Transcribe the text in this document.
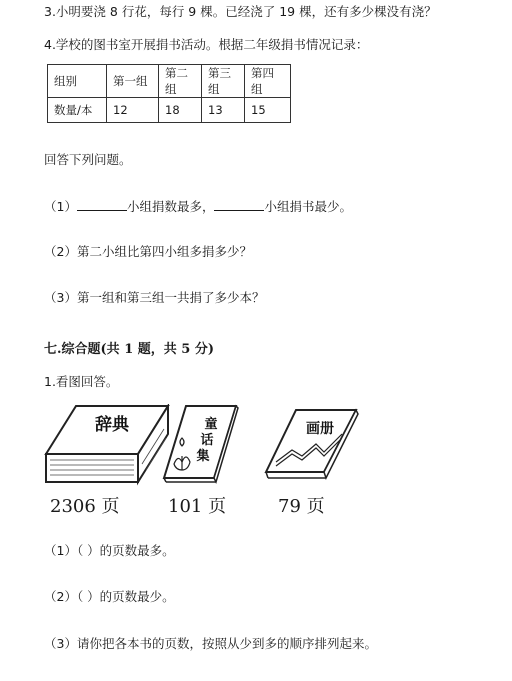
3.小明要浇 8 行花，每行 9 棵。已经浇了 19 棵，还有多少棵没有浇？
4.学校的图书室开展捐书活动。根据二年级捐书情况记录：
组别	第一组	第二组	第三组	第四组
数量/本	12	18	13	15
回答下列问题。
（1）	小组捐数最多，	小组捐书最少。
（2）第二小组比第四小组多捐多少？
（3）第一组和第三组一共捐了多少本？
七.综合题(共 1 题，共 5 分)
1.看图回答。
辞典	童
话
集
画册
2306 页	101 页	79 页
（1）（ ）的页数最多。
（2）（ ）的页数最少。
（3）请你把各本书的页数，按照从少到多的顺序排列起来。
